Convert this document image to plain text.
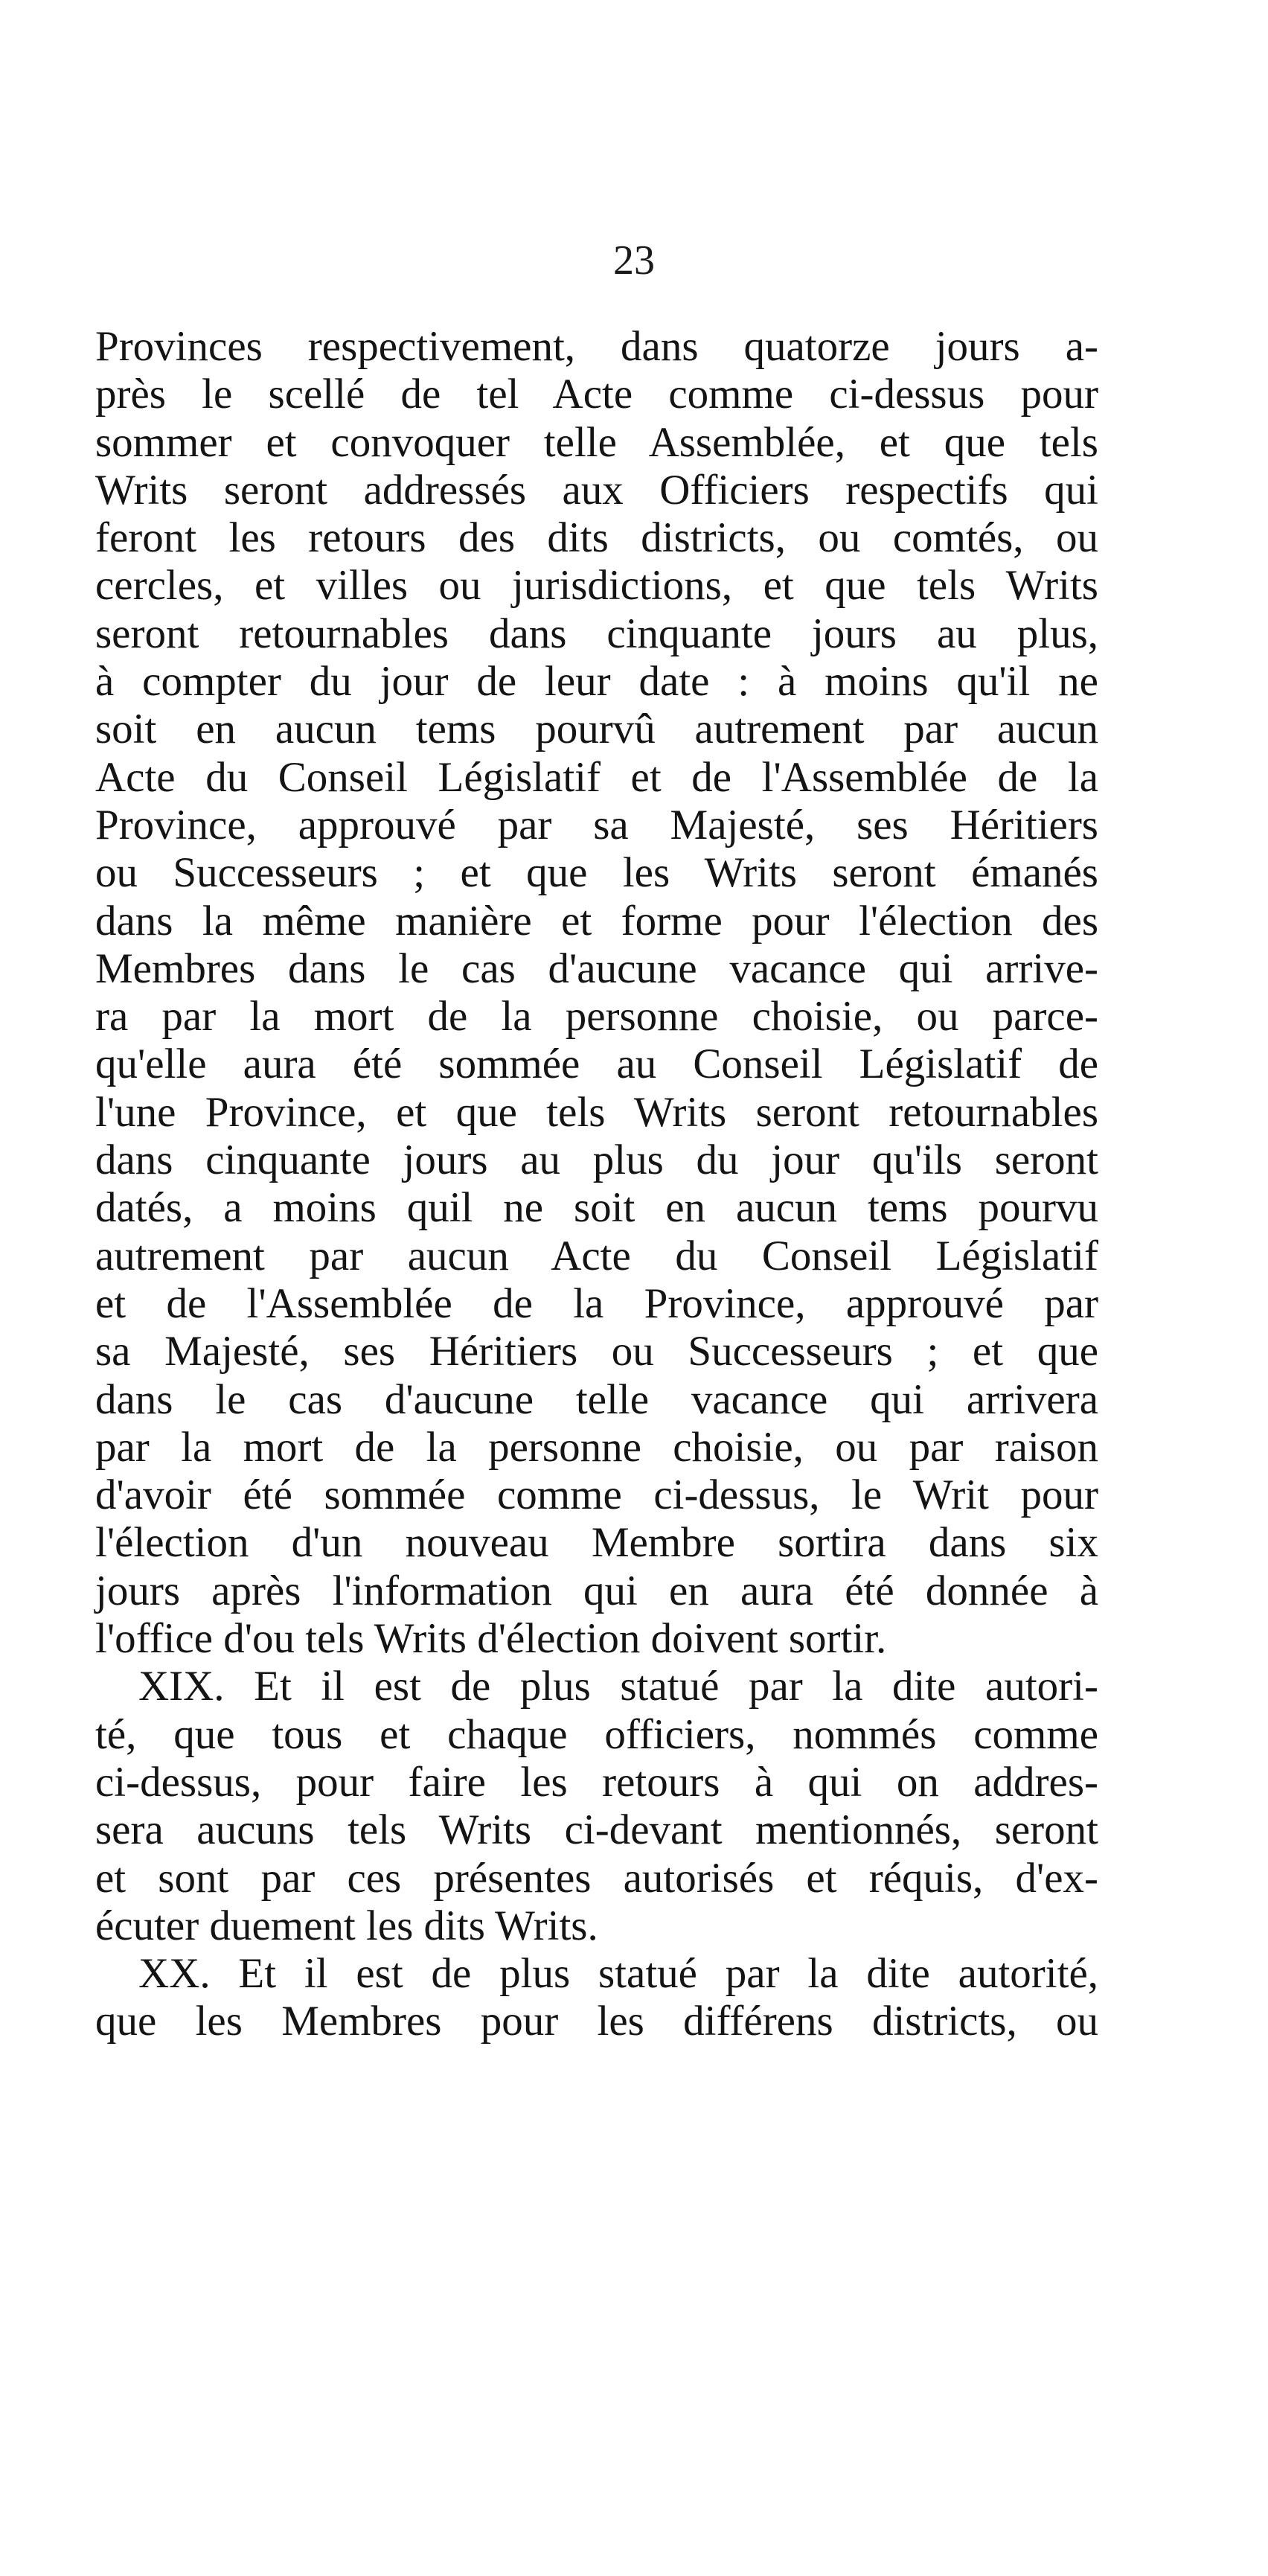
23
Provinces respectivement, dans quatorze jours a-
près le scellé de tel Acte comme ci-dessus pour
sommer et convoquer telle Assemblée, et que tels
Writs seront addressés aux Officiers respectifs qui
feront les retours des dits districts, ou comtés, ou
cercles, et villes ou jurisdictions, et que tels Writs
seront retournables dans cinquante jours au plus,
à compter du jour de leur date : à moins qu'il ne
soit en aucun tems pourvû autrement par aucun
Acte du Conseil Législatif et de l'Assemblée de la
Province, approuvé par sa Majesté, ses Héritiers
ou Successeurs ; et que les Writs seront émanés
dans la même manière et forme pour l'élection des
Membres dans le cas d'aucune vacance qui arrive-
ra par la mort de la personne choisie, ou parce-
qu'elle aura été sommée au Conseil Législatif de
l'une Province, et que tels Writs seront retournables
dans cinquante jours au plus du jour qu'ils seront
datés, a moins quil ne soit en aucun tems pourvu
autrement par aucun Acte du Conseil Législatif
et de l'Assemblée de la Province, approuvé par
sa Majesté, ses Héritiers ou Successeurs ; et que
dans le cas d'aucune telle vacance qui arrivera
par la mort de la personne choisie, ou par raison
d'avoir été sommée comme ci-dessus, le Writ pour
l'élection d'un nouveau Membre sortira dans six
jours après l'information qui en aura été donnée à
l'office d'ou tels Writs d'élection doivent sortir.
XIX. Et il est de plus statué par la dite autori-
té, que tous et chaque officiers, nommés comme
ci-dessus, pour faire les retours à qui on addres-
sera aucuns tels Writs ci-devant mentionnés, seront
et sont par ces présentes autorisés et réquis, d'ex-
écuter duement les dits Writs.
XX. Et il est de plus statué par la dite autorité,
que les Membres pour les différens districts, ou
